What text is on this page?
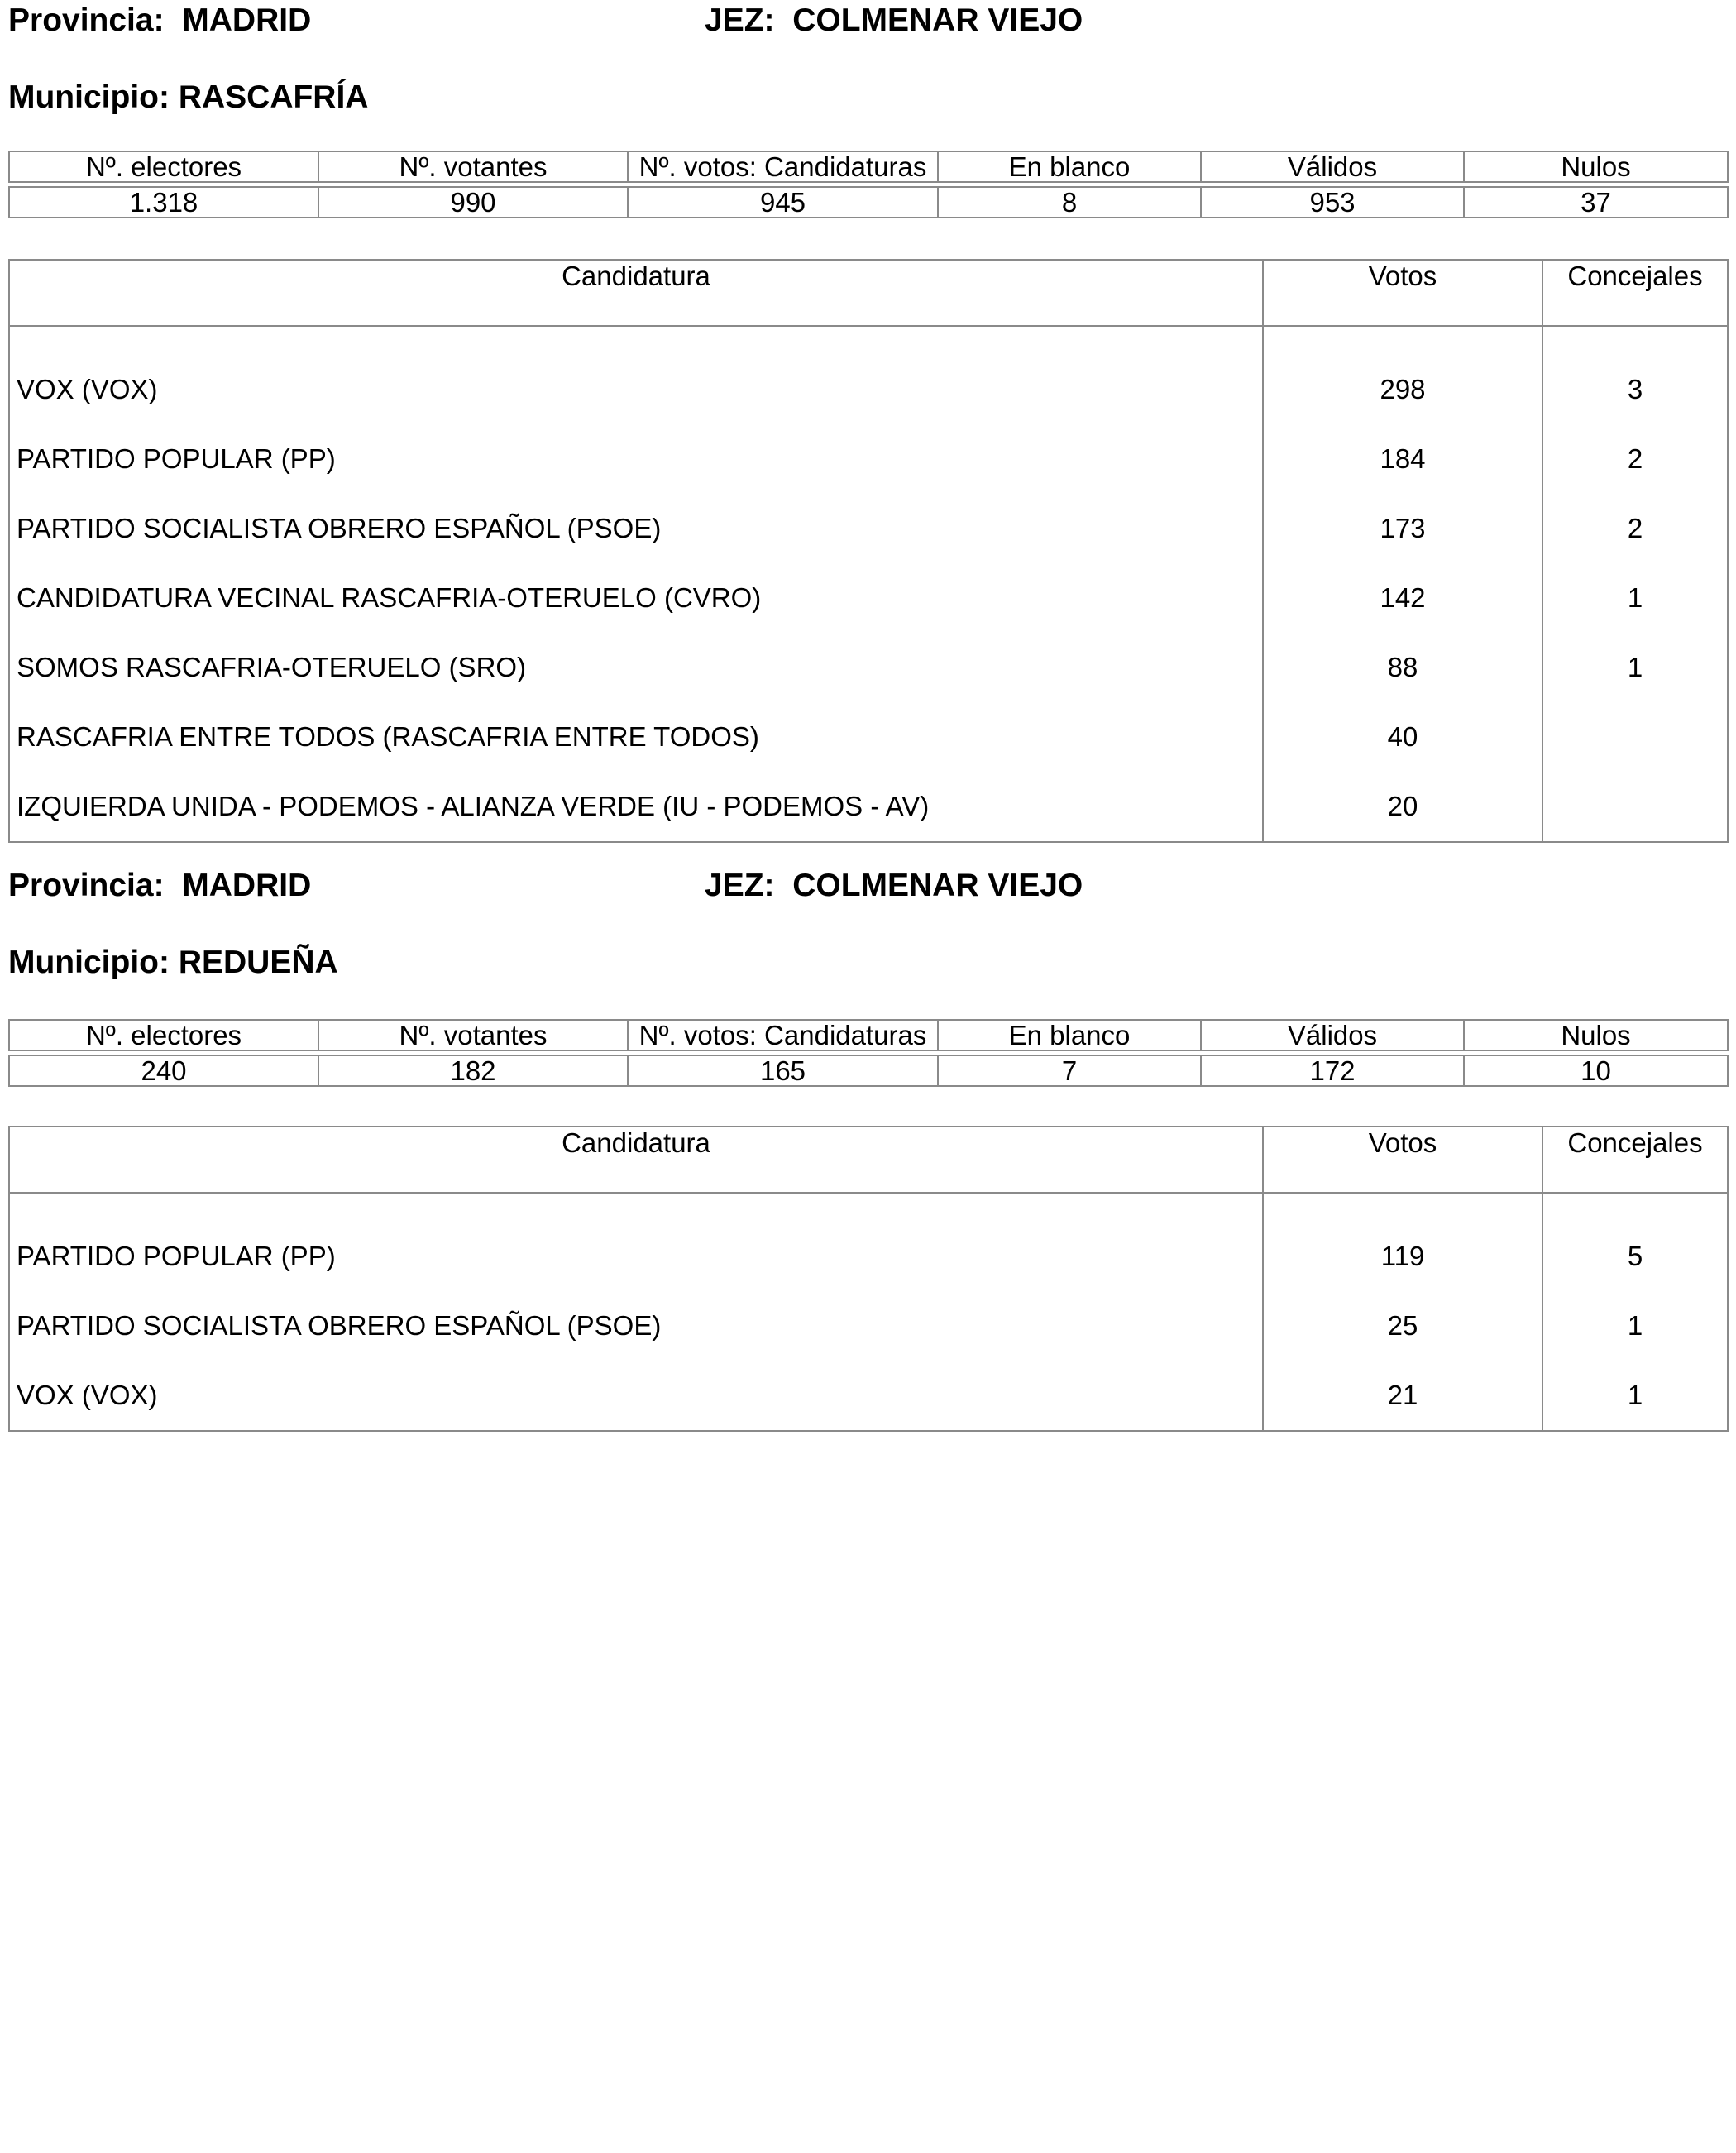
Provincia: MADRID	JEZ: COLMENAR VIEJO
Municipio: RASCAFRÍA
Nº. electores	Nº. votantes	Nº. votos: Candidaturas	En blanco	Válidos	Nulos

1.318	990	945	8	953	37
Candidatura	Votos	Concejales

VOX (VOX)	298	3
PARTIDO POPULAR (PP)	184	2
PARTIDO SOCIALISTA OBRERO ESPAÑOL (PSOE)	173	2
CANDIDATURA VECINAL RASCAFRIA-OTERUELO (CVRO)	142	1
SOMOS RASCAFRIA-OTERUELO (SRO)	88	1
RASCAFRIA ENTRE TODOS (RASCAFRIA ENTRE TODOS)	40	
IZQUIERDA UNIDA - PODEMOS - ALIANZA VERDE (IU - PODEMOS - AV)	20	
Provincia: MADRID	JEZ: COLMENAR VIEJO
Municipio: REDUEÑA
Nº. electores	Nº. votantes	Nº. votos: Candidaturas	En blanco	Válidos	Nulos

240	182	165	7	172	10
Candidatura	Votos	Concejales

PARTIDO POPULAR (PP)	119	5
PARTIDO SOCIALISTA OBRERO ESPAÑOL (PSOE)	25	1
VOX (VOX)	21	1
